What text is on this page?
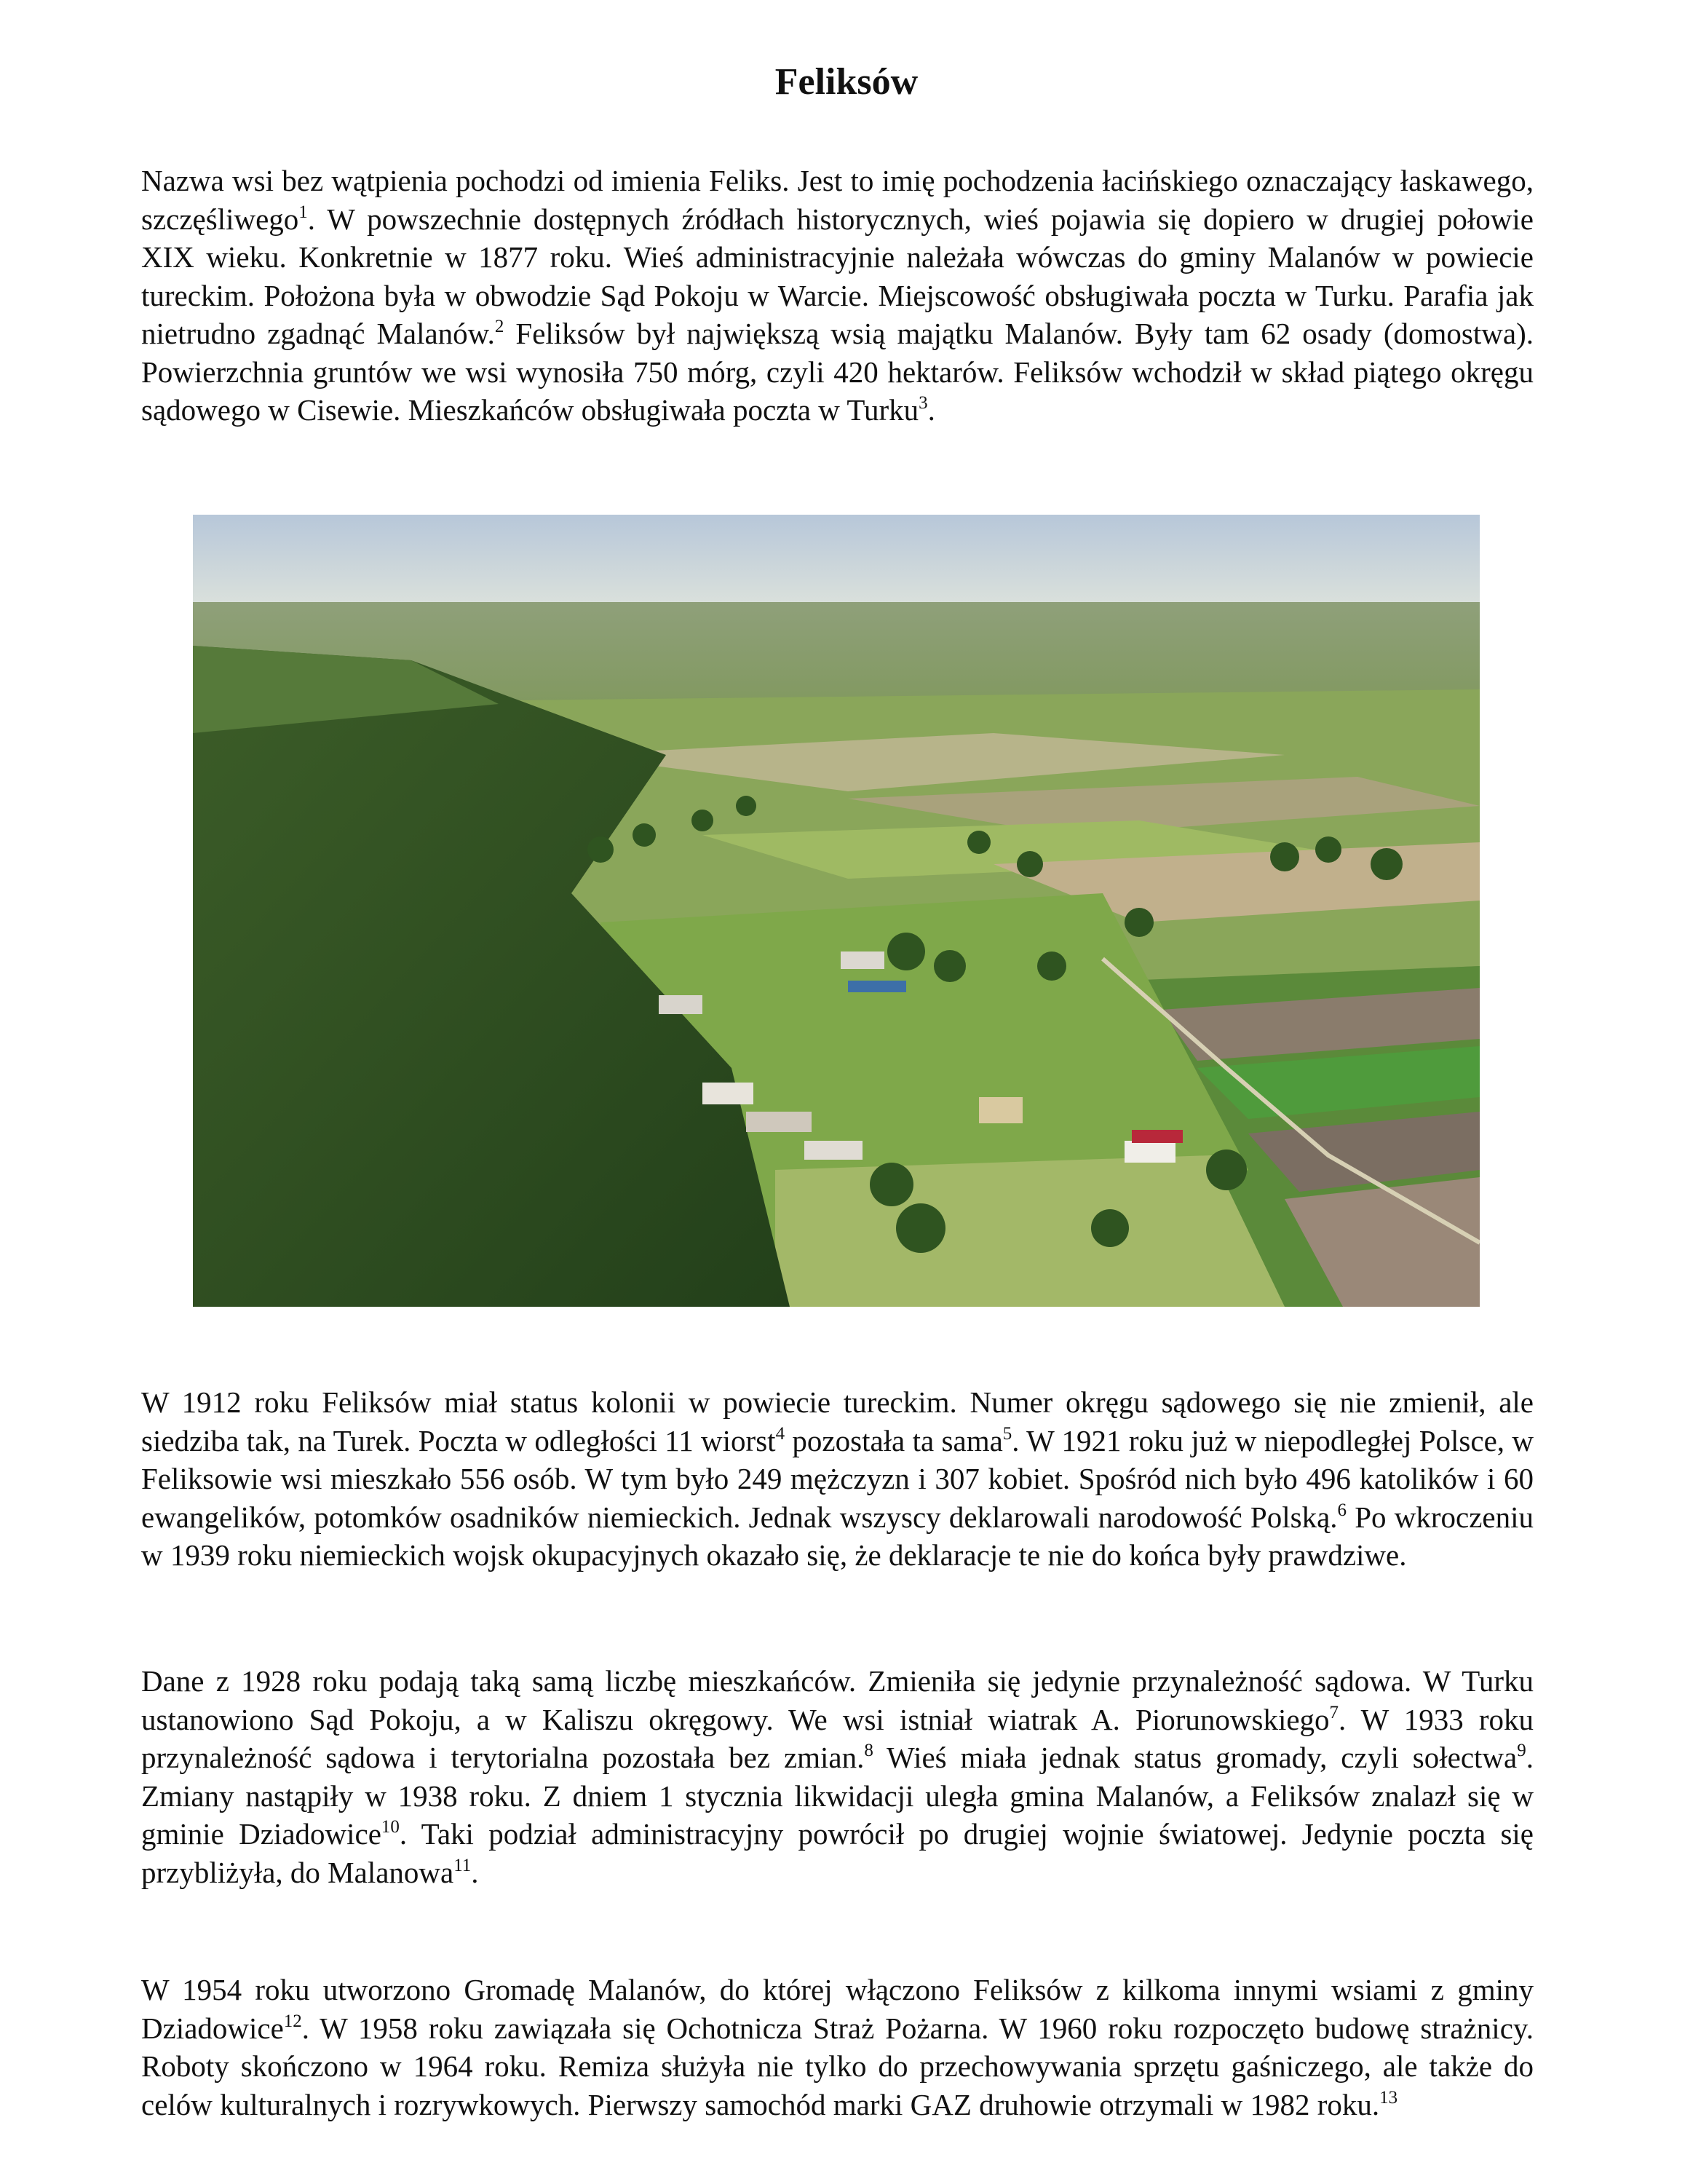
Feliksów

Nazwa wsi bez wątpienia pochodzi od imienia Feliks. Jest to imię pochodzenia łacińskiego oznaczający łaskawego, szczęśliwego$^1$. W powszechnie dostępnych źródłach historycznych, wieś pojawia się dopiero w drugiej połowie XIX wieku. Konkretnie w 1877 roku. Wieś administracyjnie należała wówczas do gminy Malanów w powiecie tureckim. Położona była w obwodzie Sąd Pokoju w Warcie. Miejscowość obsługiwała poczta w Turku. Parafia jak nietrudno zgadnąć Malanów.$^2$ Feliksów był największą wsią majątku Malanów. Były tam 62 osady (domostwa). Powierzchnia gruntów we wsi wynosiła 750 mórg, czyli 420 hektarów. Feliksów wchodził w skład piątego okręgu sądowego w Cisewie. Mieszkańców obsługiwała poczta w Turku$^3$.

W 1912 roku Feliksów miał status kolonii w powiecie tureckim. Numer okręgu sądowego się nie zmienił, ale siedziba tak, na Turek. Poczta w odległości 11 wiorst$^4$ pozostała ta sama$^5$. W 1921 roku już w niepodległej Polsce, w Feliksowie wsi mieszkało 556 osób. W tym było 249 mężczyzn i 307 kobiet. Spośród nich było 496 katolików i 60 ewangelików, potomków osadników niemieckich. Jednak wszyscy deklarowali narodowość Polską.$^6$ Po wkroczeniu w 1939 roku niemieckich wojsk okupacyjnych okazało się, że deklaracje te nie do końca były prawdziwe.

Dane z 1928 roku podają taką samą liczbę mieszkańców. Zmieniła się jedynie przynależność sądowa. W Turku ustanowiono Sąd Pokoju, a w Kaliszu okręgowy. We wsi istniał wiatrak A. Piorunowskiego$^7$. W 1933 roku przynależność sądowa i terytorialna pozostała bez zmian.$^8$ Wieś miała jednak status gromady, czyli sołectwa$^9$. Zmiany nastąpiły w 1938 roku. Z dniem 1 stycznia likwidacji uległa gmina Malanów, a Feliksów znalazł się w gminie Dziadowice$^{10}$. Taki podział administracyjny powrócił po drugiej wojnie światowej. Jedynie poczta się przybliżyła, do Malanowa$^{11}$.

W 1954 roku utworzono Gromadę Malanów, do której włączono Feliksów z kilkoma innymi wsiami z gminy Dziadowice$^{12}$. W 1958 roku zawiązała się Ochotnicza Straż Pożarna. W 1960 roku rozpoczęto budowę strażnicy. Roboty skończono w 1964 roku. Remiza służyła nie tylko do przechowywania sprzętu gaśniczego, ale także do celów kulturalnych i rozrywkowych. Pierwszy samochód marki GAZ druhowie otrzymali w 1982 roku.$^{13}$
